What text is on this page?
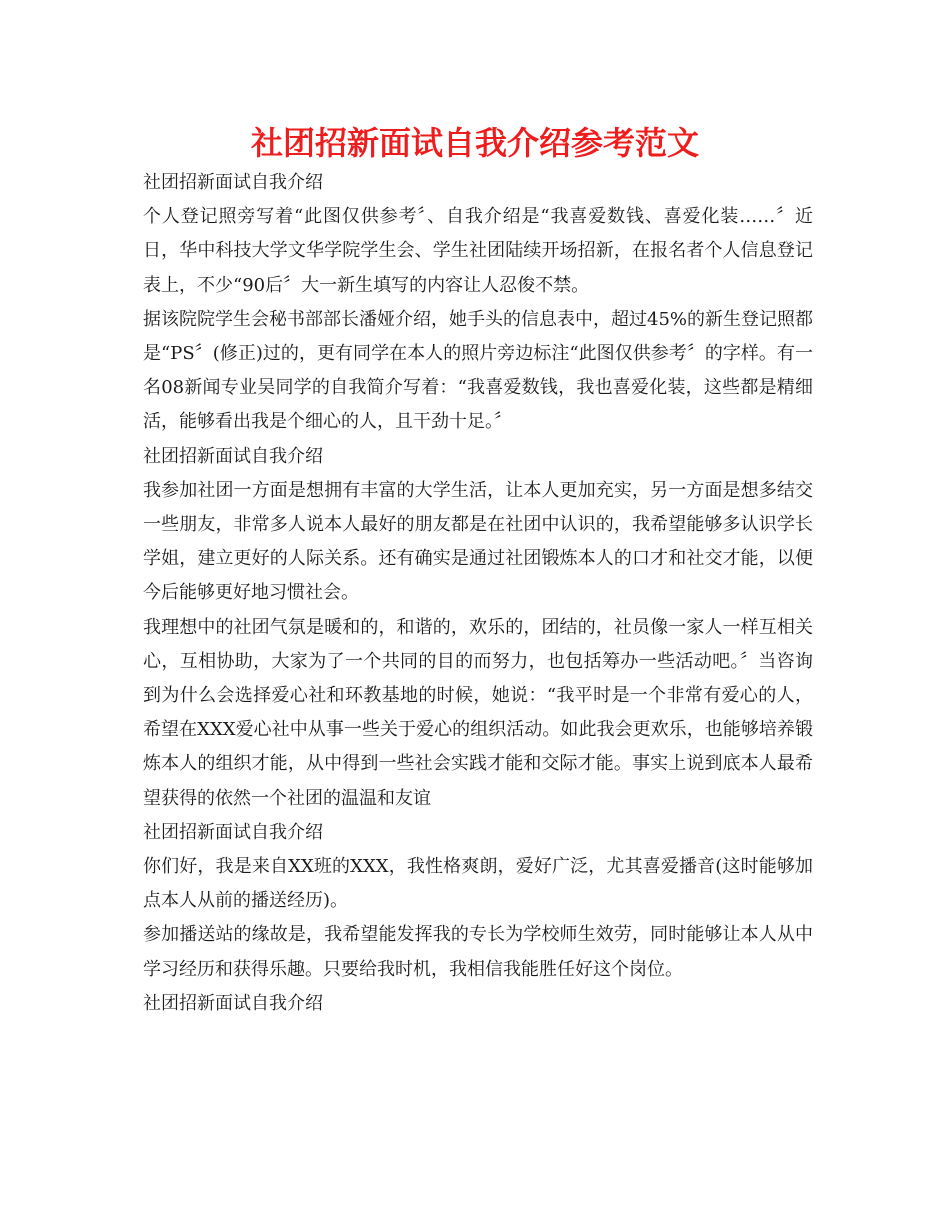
社团招新面试自我介绍参考范文

社团招新面试自我介绍

个人登记照旁写着“此图仅供参考〞、自我介绍是“我喜爱数钱、喜爱化装……〞近日，华中科技大学文华学院学生会、学生社团陆续开场招新，在报名者个人信息登记表上，不少“90后〞大一新生填写的内容让人忍俊不禁。

据该院院学生会秘书部部长潘娅介绍，她手头的信息表中，超过45%的新生登记照都是“PS〞(修正)过的，更有同学在本人的照片旁边标注“此图仅供参考〞的字样。有一名08新闻专业吴同学的自我简介写着：“我喜爱数钱，我也喜爱化装，这些都是精细活，能够看出我是个细心的人，且干劲十足。〞

社团招新面试自我介绍

我参加社团一方面是想拥有丰富的大学生活，让本人更加充实，另一方面是想多结交一些朋友，非常多人说本人最好的朋友都是在社团中认识的，我希望能够多认识学长学姐，建立更好的人际关系。还有确实是通过社团锻炼本人的口才和社交才能，以便今后能够更好地习惯社会。

我理想中的社团气氛是暖和的，和谐的，欢乐的，团结的，社员像一家人一样互相关心，互相协助，大家为了一个共同的目的而努力，也包括筹办一些活动吧。〞当咨询到为什么会选择爱心社和环教基地的时候，她说：“我平时是一个非常有爱心的人，希望在XXX爱心社中从事一些关于爱心的组织活动。如此我会更欢乐，也能够培养锻炼本人的组织才能，从中得到一些社会实践才能和交际才能。事实上说到底本人最希望获得的依然一个社团的温温和友谊

社团招新面试自我介绍

你们好，我是来自XX班的XXX，我性格爽朗，爱好广泛，尤其喜爱播音(这时能够加点本人从前的播送经历)。

参加播送站的缘故是，我希望能发挥我的专长为学校师生效劳，同时能够让本人从中学习经历和获得乐趣。只要给我时机，我相信我能胜任好这个岗位。

社团招新面试自我介绍
